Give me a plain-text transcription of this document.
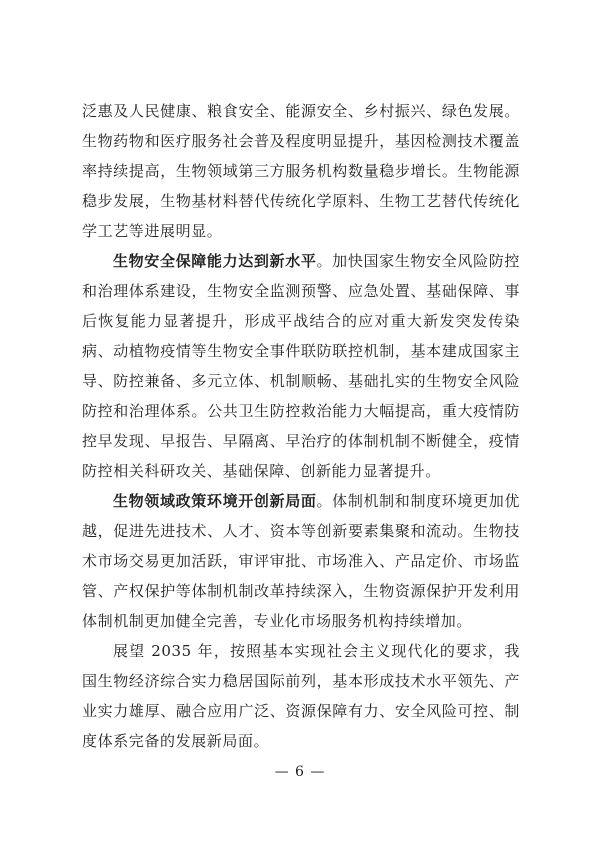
泛惠及人民健康、粮食安全、能源安全、乡村振兴、绿色发展。生物药物和医疗服务社会普及程度明显提升，基因检测技术覆盖率持续提高，生物领域第三方服务机构数量稳步增长。生物能源稳步发展，生物基材料替代传统化学原料、生物工艺替代传统化学工艺等进展明显。

生物安全保障能力达到新水平。加快国家生物安全风险防控和治理体系建设，生物安全监测预警、应急处置、基础保障、事后恢复能力显著提升，形成平战结合的应对重大新发突发传染病、动植物疫情等生物安全事件联防联控机制，基本建成国家主导、防控兼备、多元立体、机制顺畅、基础扎实的生物安全风险防控和治理体系。公共卫生防控救治能力大幅提高，重大疫情防控早发现、早报告、早隔离、早治疗的体制机制不断健全，疫情防控相关科研攻关、基础保障、创新能力显著提升。

生物领域政策环境开创新局面。体制机制和制度环境更加优越，促进先进技术、人才、资本等创新要素集聚和流动。生物技术市场交易更加活跃，审评审批、市场准入、产品定价、市场监管、产权保护等体制机制改革持续深入，生物资源保护开发利用体制机制更加健全完善，专业化市场服务机构持续增加。

展望 2035 年，按照基本实现社会主义现代化的要求，我国生物经济综合实力稳居国际前列，基本形成技术水平领先、产业实力雄厚、融合应用广泛、资源保障有力、安全风险可控、制度体系完备的发展新局面。

— 6 —
